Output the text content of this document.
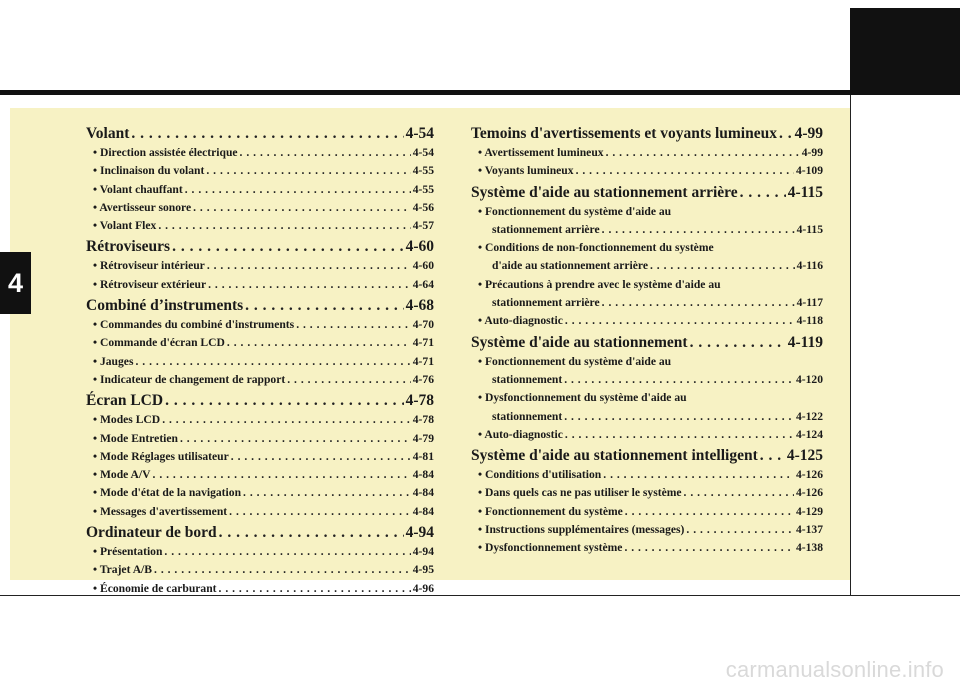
4
Volant . . .	4-54
• Direction assistée électrique . . .	4-54
• Inclinaison du volant . . .	4-55
• Volant chauffant . . .	4-55
• Avertisseur sonore . . .	4-56
• Volant Flex . . .	4-57
Rétroviseurs . . .	4-60
• Rétroviseur intérieur . . .	4-60
• Rétroviseur extérieur . . .	4-64
Combiné d’instruments . . .	4-68
• Commandes du combiné d'instruments . . .	4-70
• Commande d'écran LCD . . .	4-71
• Jauges . . .	4-71
• Indicateur de changement de rapport . . .	4-76
Écran LCD . . .	4-78
• Modes LCD . . .	4-78
• Mode Entretien . . .	4-79
• Mode Réglages utilisateur . . .	4-81
• Mode A/V . . .	4-84
• Mode d'état de la navigation . . .	4-84
• Messages d'avertissement . . .	4-84
Ordinateur de bord . . .	4-94
• Présentation . . .	4-94
• Trajet A/B . . .	4-95
• Économie de carburant . . .	4-96
Temoins d'avertissements et voyants lumineux . . . 4-99
• Avertissement lumineux . . .	4-99
• Voyants lumineux . . .	4-109
Système d'aide au stationnement arrière . . .	4-115
• Fonctionnement du système d'aide au
stationnement arrière . . .	4-115
• Conditions de non-fonctionnement du système
d'aide au stationnement arrière . . .	4-116
• Précautions à prendre avec le système d'aide au
stationnement arrière . . .	4-117
• Auto-diagnostic . . .	4-118
Système d'aide au stationnement . . .	4-119
• Fonctionnement du système d'aide au
stationnement . . .	4-120
• Dysfonctionnement du système d'aide au
stationnement . . .	4-122
• Auto-diagnostic . . .	4-124
Système d'aide au stationnement intelligent . . . 4-125
• Conditions d'utilisation . . .	4-126
• Dans quels cas ne pas utiliser le système . . .	4-126
• Fonctionnement du système . . .	4-129
• Instructions supplémentaires (messages) . . .	4-137
• Dysfonctionnement système . . .	4-138
carmanualsonline.info
